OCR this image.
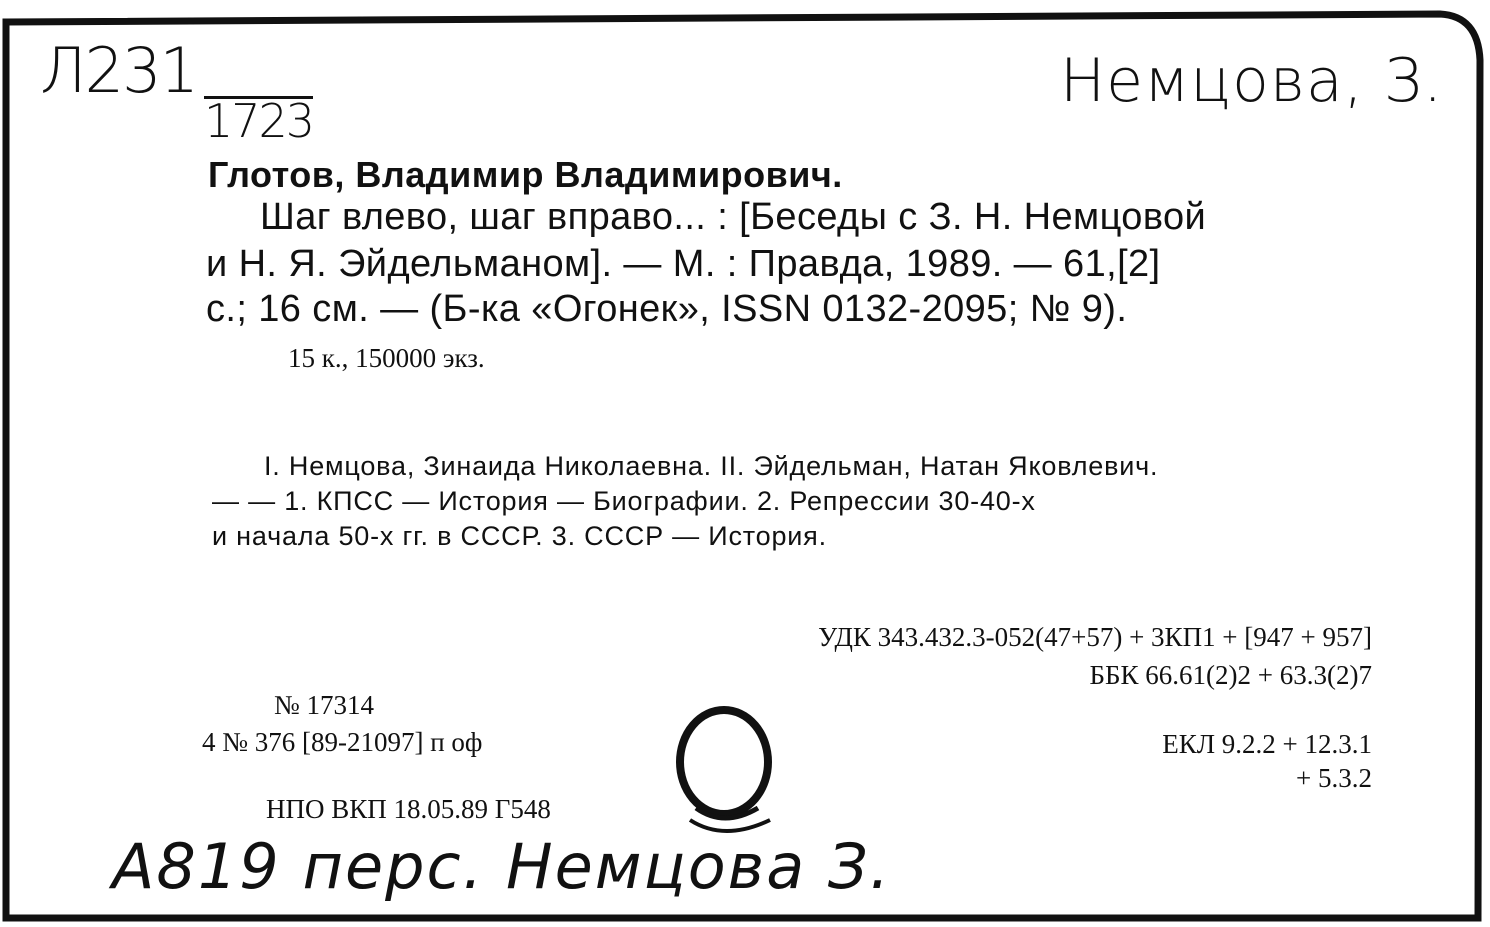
Л231
1723
Немцова, З.
А819 перс. Немцова З.
Глотов, Владимир Владимирович.
Шаг влево, шаг вправо... : [Беседы с З. Н. Немцовой
и Н. Я. Эйдельманом]. — М. : Правда, 1989. — 61,[2]
с.; 16 см. — (Б-ка «Огонек», ISSN 0132-2095; № 9).
15 к., 150000 экз.
I. Немцова, Зинаида Николаевна. II. Эйдельман, Натан Яковлевич.
— — 1. КПСС — История — Биографии. 2. Репрессии 30-40-х
и начала 50-х гг. в СССР. 3. СССР — История.
УДК 343.432.3-052(47+57) + 3КП1 + [947 + 957]
ББК 66.61(2)2 + 63.3(2)7
№ 17314
4 № 376 [89-21097] п оф	ЕКЛ 9.2.2 + 12.3.1
+ 5.3.2
НПО ВКП 18.05.89 Г548
